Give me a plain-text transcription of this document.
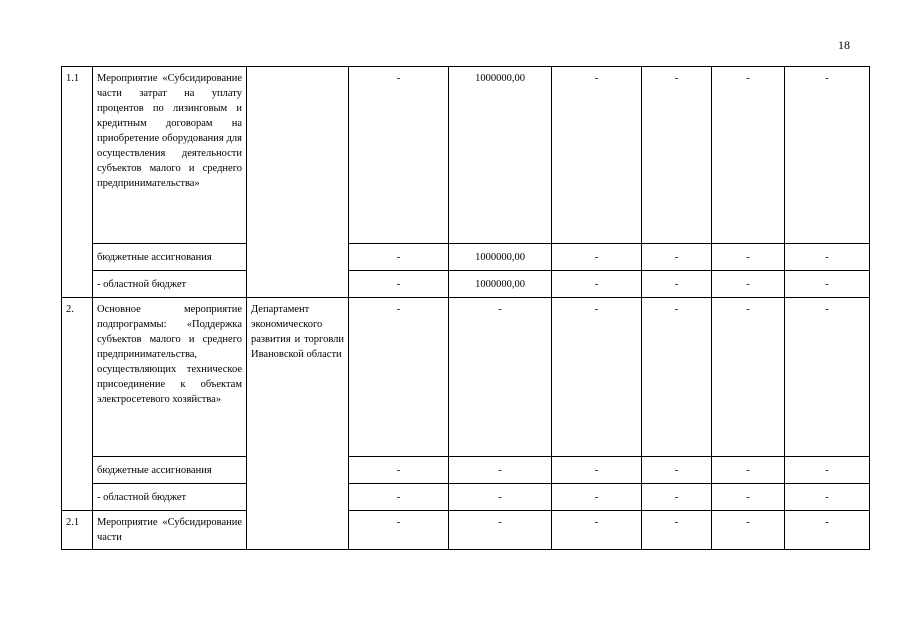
18
1.1	Мероприятие «Субсидирование части затрат на уплату процентов по лизинговым и кредитным договорам на приобретение оборудования для осуществления деятельности субъектов малого и среднего предпринимательства»		-	1000000,00	-	-	-	-
	бюджетные ассигнования		-	1000000,00	-	-	-	-
	- областной бюджет		-	1000000,00	-	-	-	-
2.	Основное мероприятие подпрограммы: «Поддержка субъектов малого и среднего предпринимательства, осуществляющих техническое присоединение к объектам электросетевого хозяйства»	Департамент экономического развития и торговли Ивановской области	-	-	-	-	-	-
	бюджетные ассигнования		-	-	-	-	-	-
	- областной бюджет		-	-	-	-	-	-
2.1	Мероприятие «Субсидирование части		-	-	-	-	-	-
